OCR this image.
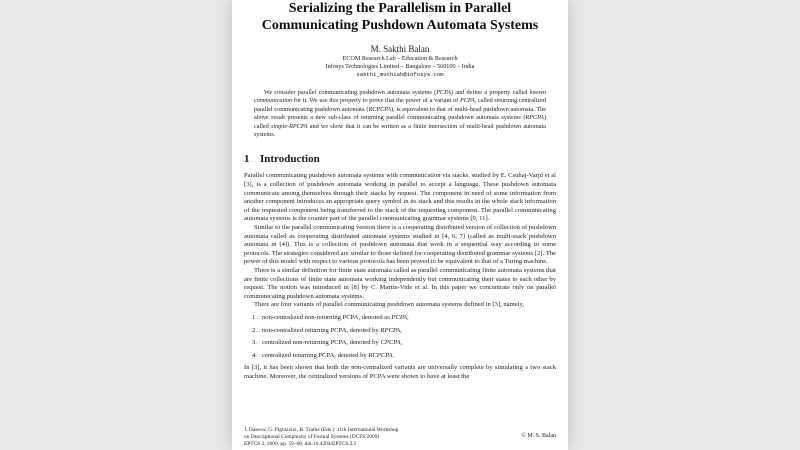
Serializing the Parallelism in Parallel Communicating Pushdown Automata Systems
M. Sakthi Balan
ECOM Research Lab – Education & Research
Infosys Technologies Limited – Bangalore – 560100 – India
sakthi_muthiah@infosys.com

We consider parallel communicating pushdown automata systems (PCPA) and define a property called known communication for it. We use this property to prove that the power of a variant of PCPA, called returning centralized parallel communicating pushdown automata (RCPCPA), is equivalent to that of multi-head pushdown automata. The above result presents a new sub-class of returning parallel communicating pushdown automata systems (RPCPA) called simple-RPCPA and we show that it can be written as a finite intersection of multi-head pushdown automata systems.

1 Introduction

Parallel communicating pushdown automata systems with communication via stacks, studied by E. Csuhaj-Varjú et al [3], is a collection of pushdown automata working in parallel to accept a language. These pushdown automata communicate among themselves through their stacks by request. The component in need of some information from another component introduces an appropriate query symbol in its stack and this results in the whole stack information of the requested component being transferred to the stack of the requesting component. The parallel communicating automata systems is the counter part of the parallel communicating grammar systems [9, 11].

Similar to the parallel communicating version there is a cooperating distributed version of collection of pushdown automata called as cooperating distributed automata systems studied in [4, 6, 7] (called as multi-stack pushdown automata in [4]). This is a collection of pushdown automata that work in a sequential way according to some protocols. The strategies considered are similar to those defined for cooperating distributed grammar systems [2]. The power of this model with respect to various protocols has been proved to be equivalent to that of a Turing machine.

There is a similar definition for finite state automata called as parallel communicating finite automata systems that are finite collections of finite state automata working independently but communicating their states to each other by request. The notion was introduced in [8] by C. Martín-Vide et al. In this paper we concentrate only on parallel communicating pushdown automata systems.

There are four variants of parallel communicating pushdown automata systems defined in [3], namely,

1. non-centralized non-returning PCPA, denoted as PCPA,
2. non-centralized returning PCPA, denoted by RPCPA,
3. centralized non-returning PCPA, denoted by CPCPA,
4. centralized returning PCPA, denoted by RCPCPA.

In [3], it has been shown that both the non-centralized variants are universally complete by simulating a two stack machine. Moreover, the centralized versions of PCPA were shown to have at least the

J. Dassow, G. Pighizzini, B. Truthe (Eds.): 11th International Workshop
on Descriptional Complexity of Formal Systems (DCFS 2009)
EPTCS 3, 2009, pp. 59–68, doi:10.4204/EPTCS.3.5
© M. S. Balan
